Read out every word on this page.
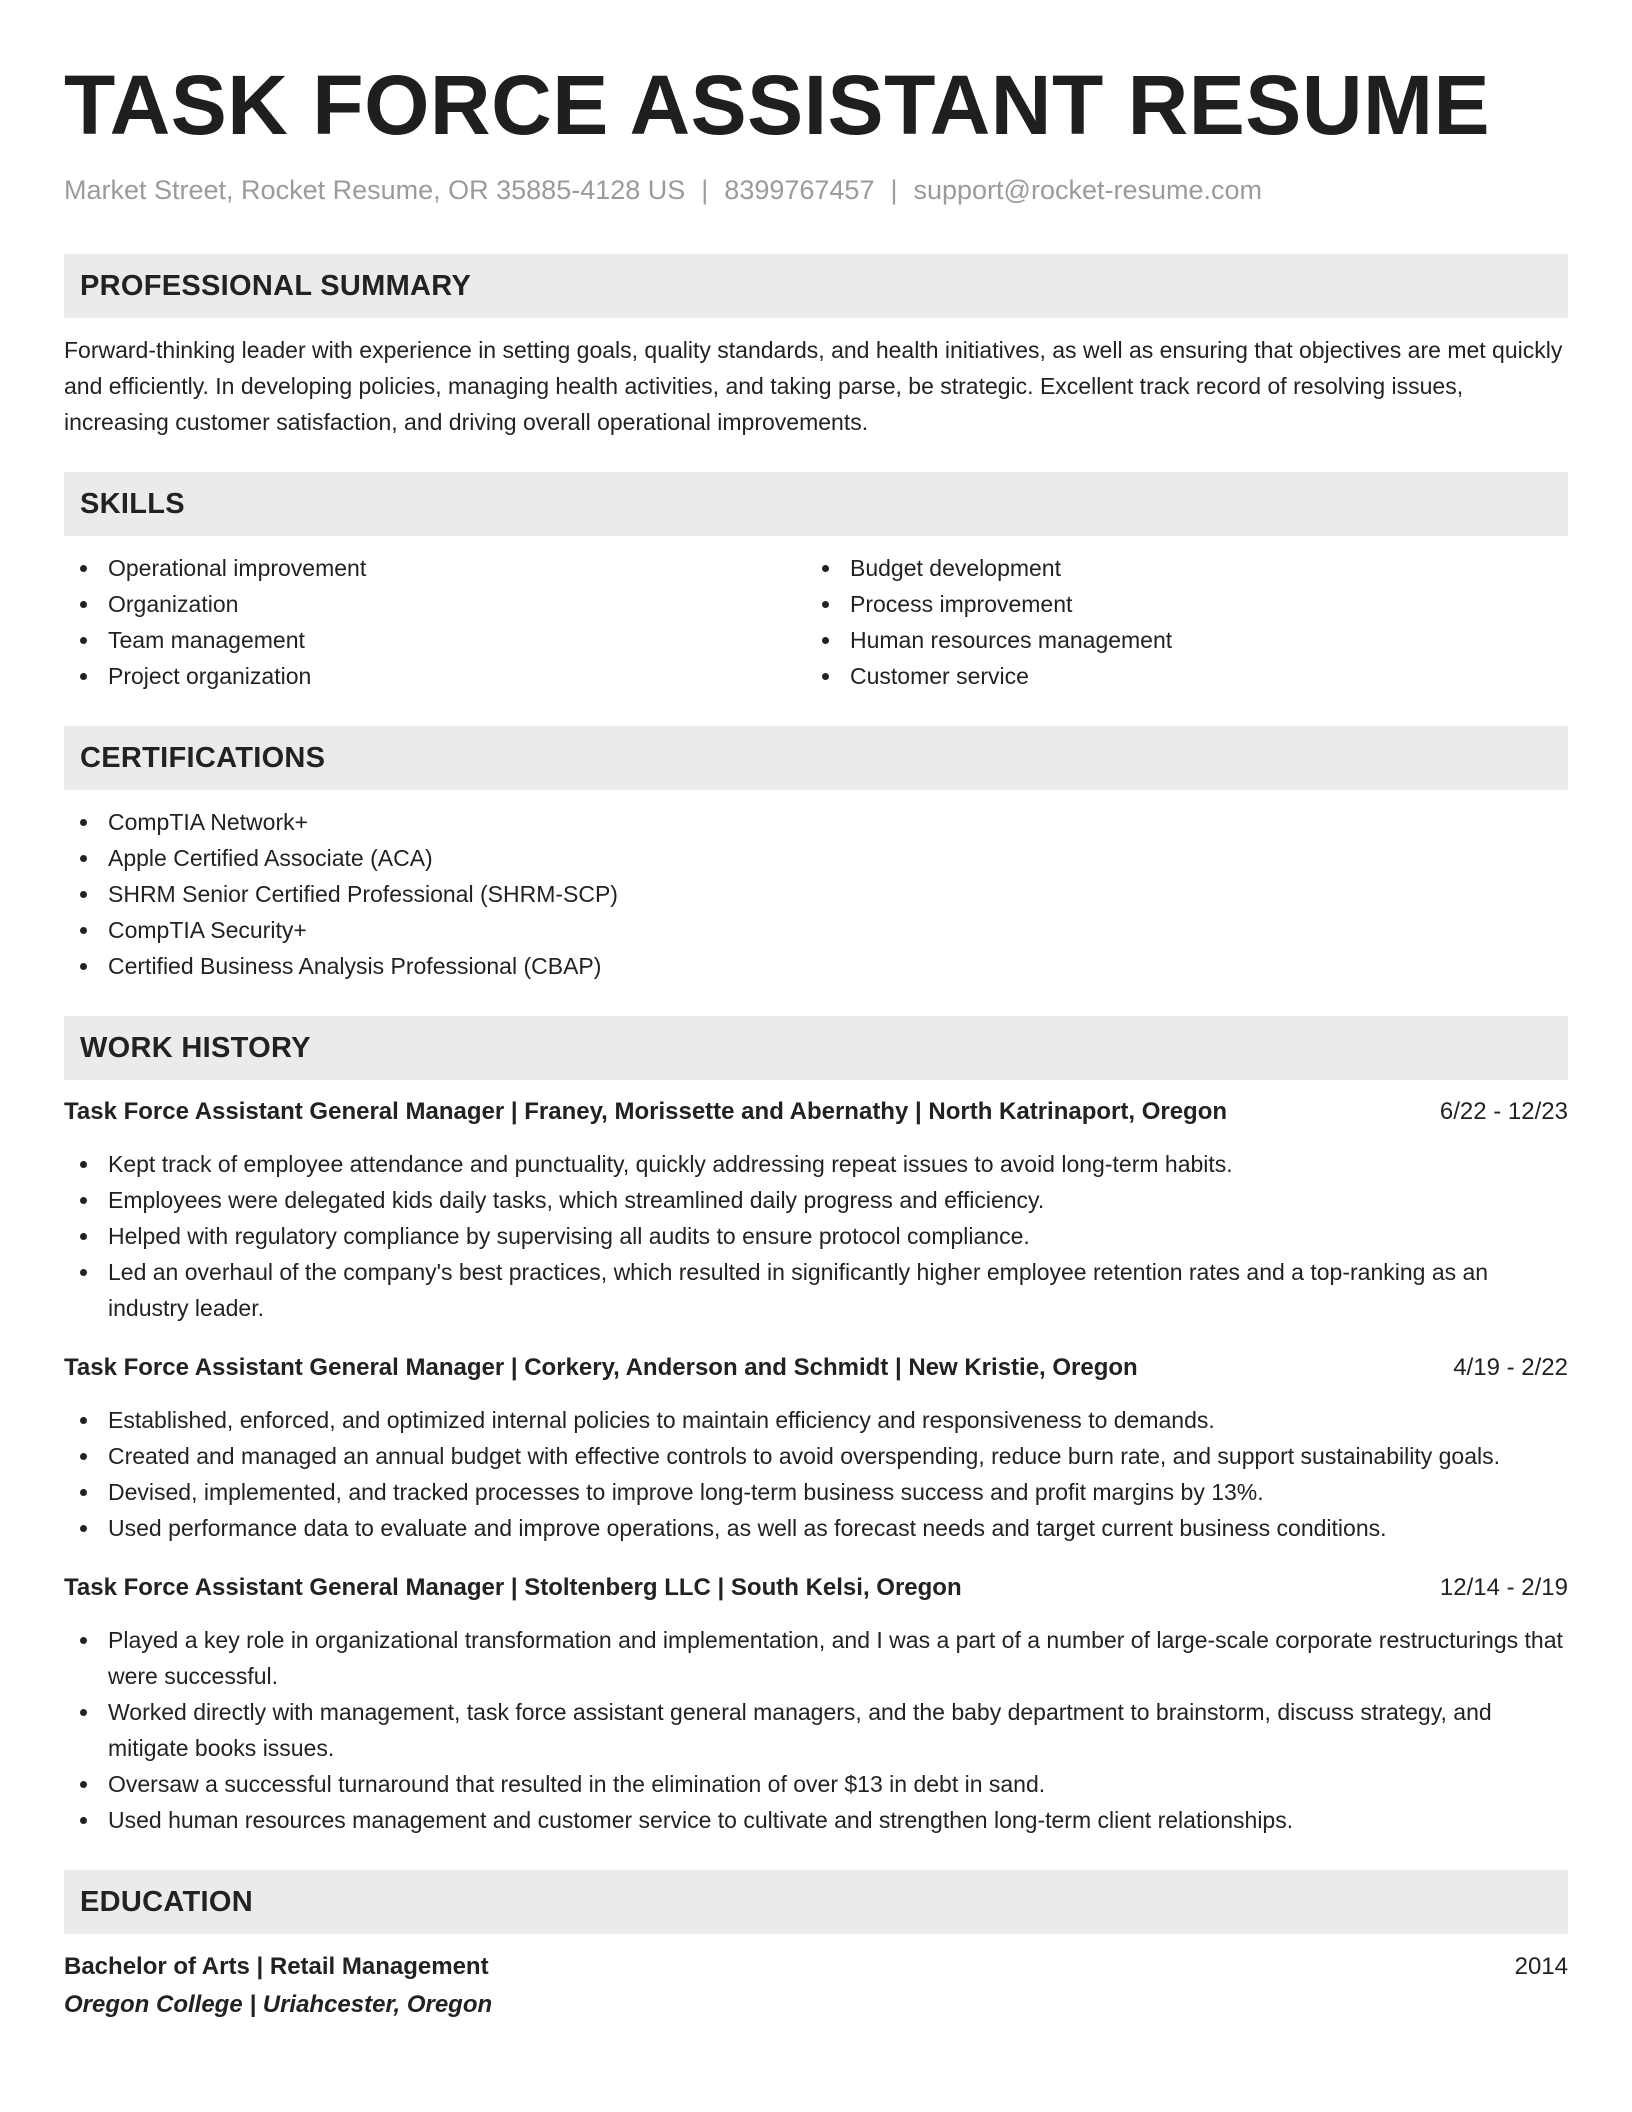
TASK FORCE ASSISTANT RESUME
Market Street, Rocket Resume, OR 35885-4128 US | 8399767457 | support@rocket-resume.com
PROFESSIONAL SUMMARY

Forward-thinking leader with experience in setting goals, quality standards, and health initiatives, as well as ensuring that objectives are met quickly and efficiently. In developing policies, managing health activities, and taking parse, be strategic. Excellent track record of resolving issues, increasing customer satisfaction, and driving overall operational improvements.

SKILLS
Operational improvement
Organization
Team management
Project organization
Budget development
Process improvement
Human resources management
Customer service
CERTIFICATIONS
CompTIA Network+
Apple Certified Associate (ACA)
SHRM Senior Certified Professional (SHRM-SCP)
CompTIA Security+
Certified Business Analysis Professional (CBAP)
WORK HISTORY
Task Force Assistant General Manager | Franey, Morissette and Abernathy | North Katrinaport, Oregon	6/22 - 12/23
Kept track of employee attendance and punctuality, quickly addressing repeat issues to avoid long-term habits.
Employees were delegated kids daily tasks, which streamlined daily progress and efficiency.
Helped with regulatory compliance by supervising all audits to ensure protocol compliance.
Led an overhaul of the company's best practices, which resulted in significantly higher employee retention rates and a top-ranking as an industry leader.
Task Force Assistant General Manager | Corkery, Anderson and Schmidt | New Kristie, Oregon	4/19 - 2/22
Established, enforced, and optimized internal policies to maintain efficiency and responsiveness to demands.
Created and managed an annual budget with effective controls to avoid overspending, reduce burn rate, and support sustainability goals.
Devised, implemented, and tracked processes to improve long-term business success and profit margins by 13%.
Used performance data to evaluate and improve operations, as well as forecast needs and target current business conditions.
Task Force Assistant General Manager | Stoltenberg LLC | South Kelsi, Oregon	12/14 - 2/19
Played a key role in organizational transformation and implementation, and I was a part of a number of large-scale corporate restructurings that were successful.
Worked directly with management, task force assistant general managers, and the baby department to brainstorm, discuss strategy, and mitigate books issues.
Oversaw a successful turnaround that resulted in the elimination of over $13 in debt in sand.
Used human resources management and customer service to cultivate and strengthen long-term client relationships.
EDUCATION
Bachelor of Arts | Retail Management	2014
Oregon College | Uriahcester, Oregon
